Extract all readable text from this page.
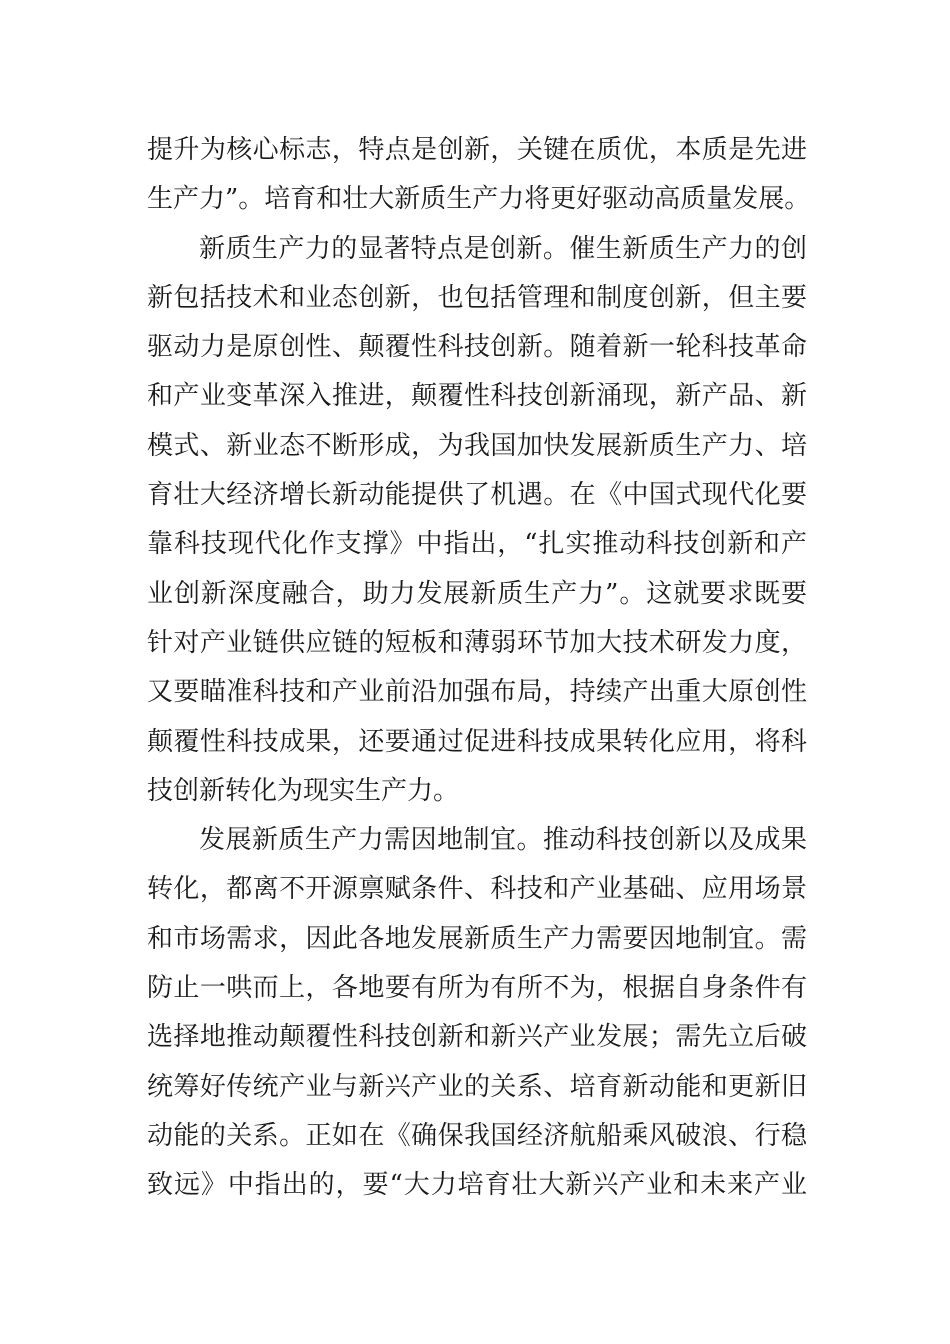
提升为核心标志，特点是创新，关键在质优，本质是先进
生产力”。培育和壮大新质生产力将更好驱动高质量发展。
新质生产力的显著特点是创新。催生新质生产力的创
新包括技术和业态创新，也包括管理和制度创新，但主要
驱动力是原创性、颠覆性科技创新。随着新一轮科技革命
和产业变革深入推进，颠覆性科技创新涌现，新产品、新
模式、新业态不断形成，为我国加快发展新质生产力、培
育壮大经济增长新动能提供了机遇。在《中国式现代化要
靠科技现代化作支撑》中指出，“扎实推动科技创新和产
业创新深度融合，助力发展新质生产力”。这就要求既要
针对产业链供应链的短板和薄弱环节加大技术研发力度，
又要瞄准科技和产业前沿加强布局，持续产出重大原创性
颠覆性科技成果，还要通过促进科技成果转化应用，将科
技创新转化为现实生产力。
发展新质生产力需因地制宜。推动科技创新以及成果
转化，都离不开源禀赋条件、科技和产业基础、应用场景
和市场需求，因此各地发展新质生产力需要因地制宜。需
防止一哄而上，各地要有所为有所不为，根据自身条件有
选择地推动颠覆性科技创新和新兴产业发展；需先立后破
统筹好传统产业与新兴产业的关系、培育新动能和更新旧
动能的关系。正如在《确保我国经济航船乘风破浪、行稳
致远》中指出的，要“大力培育壮大新兴产业和未来产业
